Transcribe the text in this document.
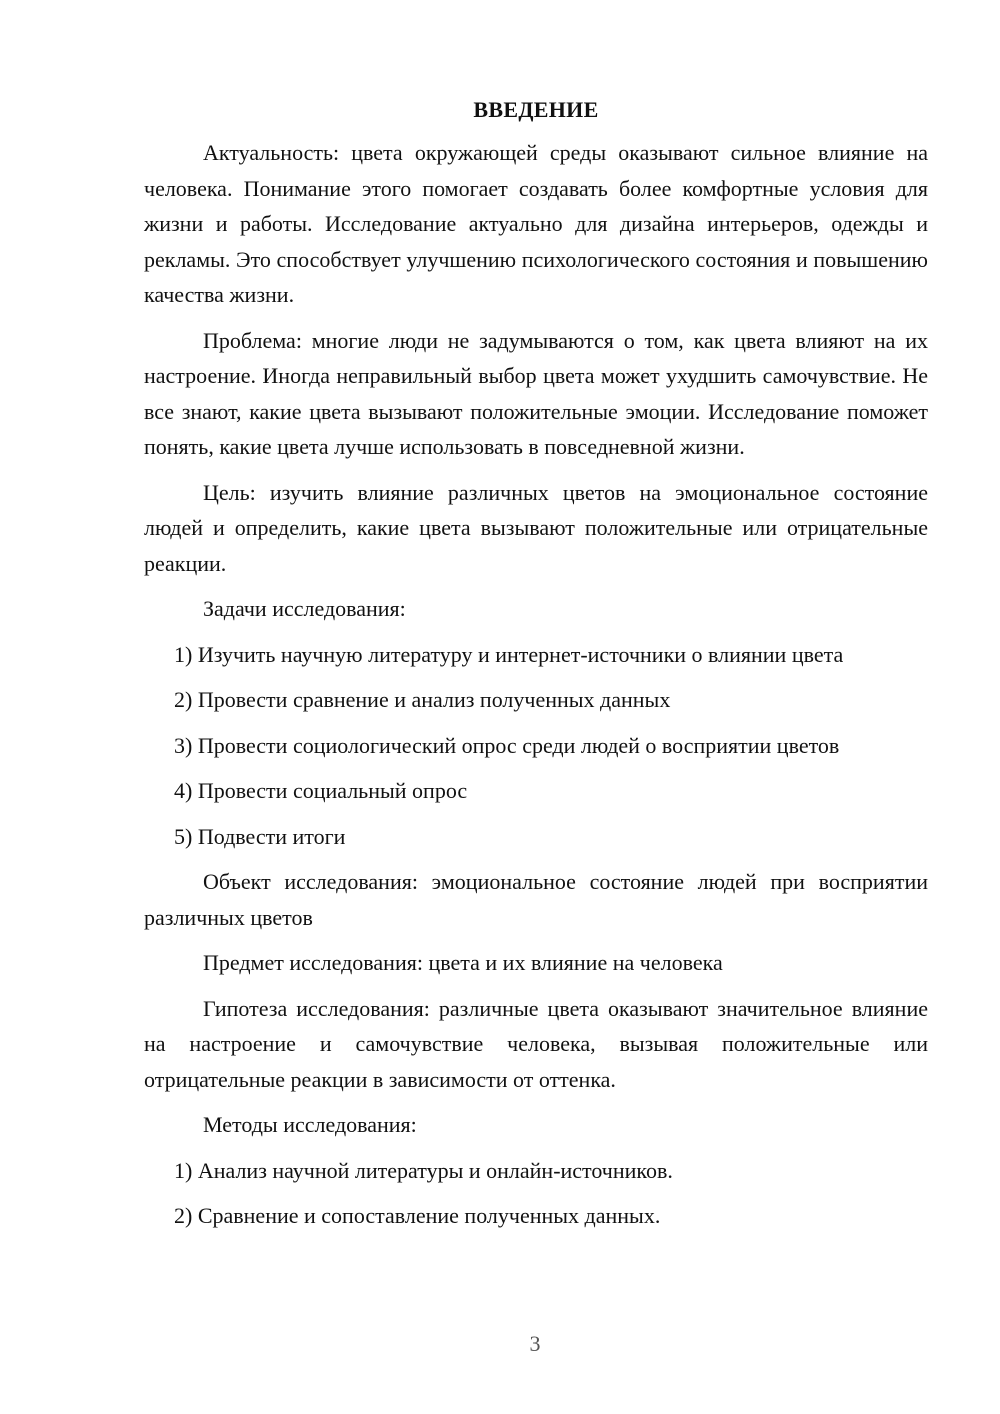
ВВЕДЕНИЕ

Актуальность: цвета окружающей среды оказывают сильное влияние на человека. Понимание этого помогает создавать более комфортные условия для жизни и работы. Исследование актуально для дизайна интерьеров, одежды и рекламы. Это способствует улучшению психологического состояния и повышению качества жизни.

Проблема: многие люди не задумываются о том, как цвета влияют на их настроение. Иногда неправильный выбор цвета может ухудшить самочувствие. Не все знают, какие цвета вызывают положительные эмоции. Исследование поможет понять, какие цвета лучше использовать в повседневной жизни.

Цель: изучить влияние различных цветов на эмоциональное состояние людей и определить, какие цвета вызывают положительные или отрицательные реакции.

Задачи исследования:

1) Изучить научную литературу и интернет-источники о влиянии цвета

2) Провести сравнение и анализ полученных данных

3) Провести социологический опрос среди людей о восприятии цветов

4) Провести социальный опрос

5) Подвести итоги

Объект исследования: эмоциональное состояние людей при восприятии различных цветов

Предмет исследования: цвета и их влияние на человека

Гипотеза исследования: различные цвета оказывают значительное влияние на настроение и самочувствие человека, вызывая положительные или отрицательные реакции в зависимости от оттенка.

Методы исследования:

1) Анализ научной литературы и онлайн-источников.

2) Сравнение и сопоставление полученных данных.

3
